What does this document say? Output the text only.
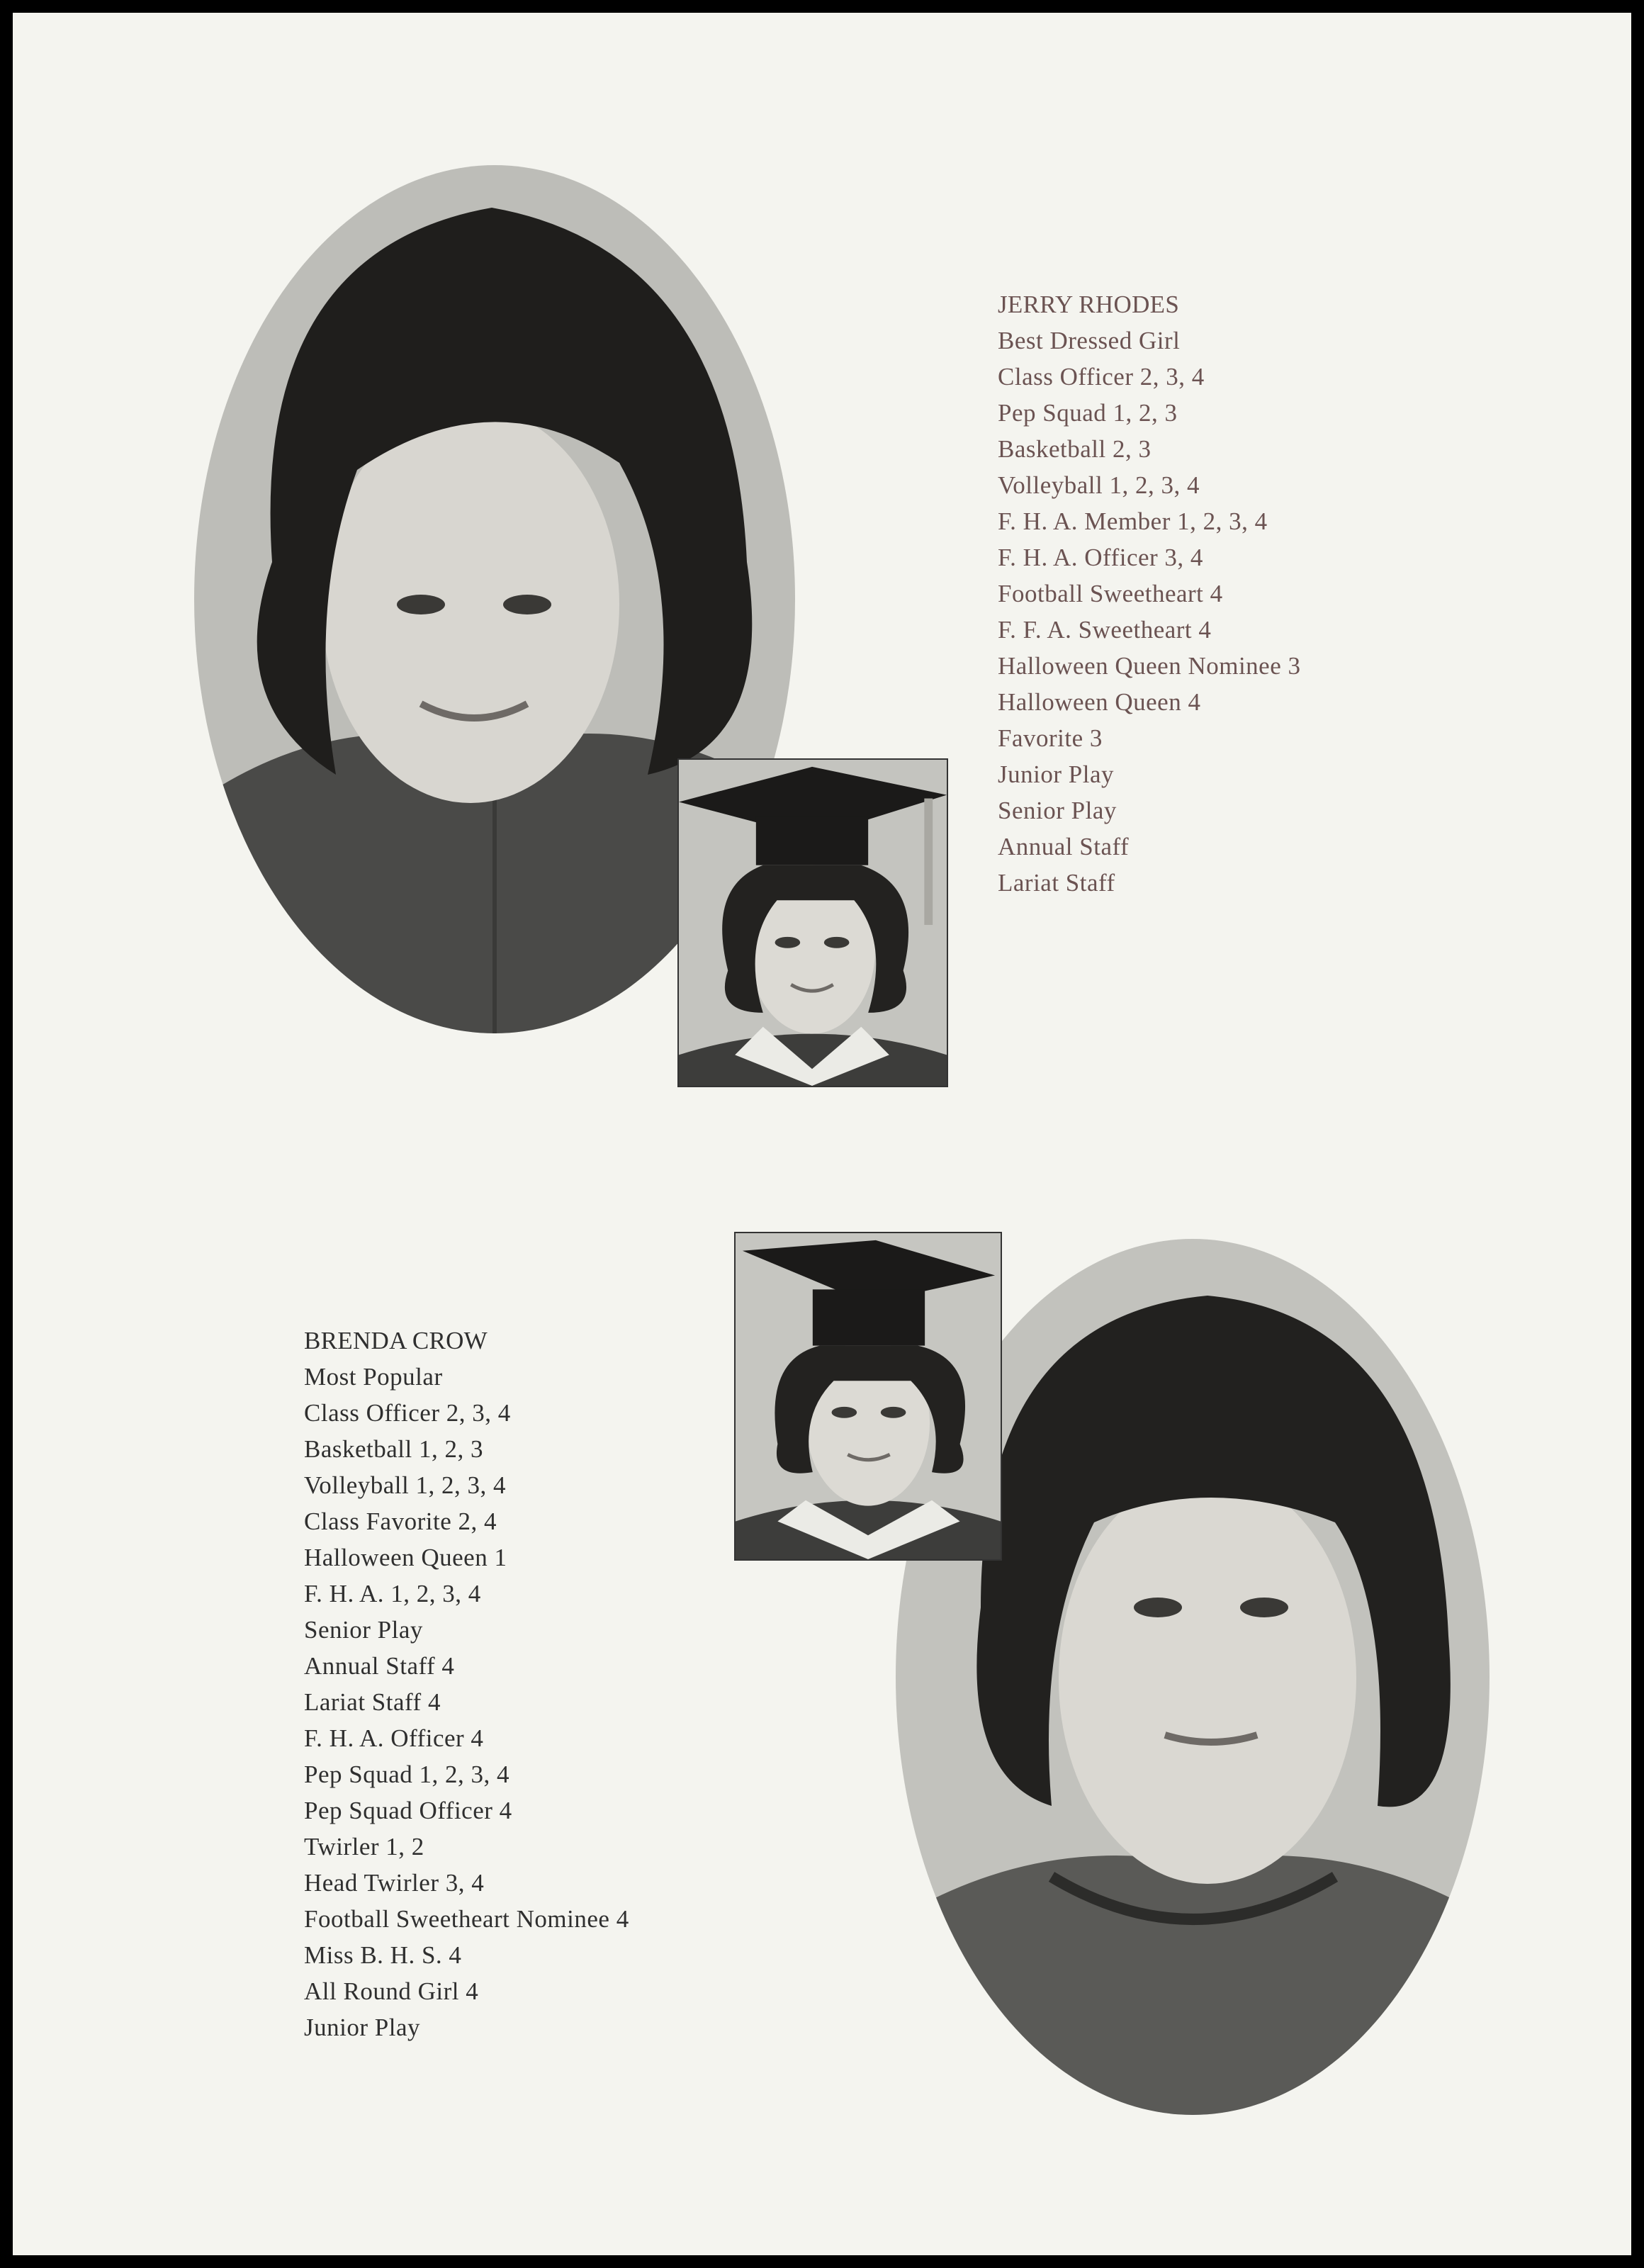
JERRY RHODES
Best Dressed Girl
Class Officer 2, 3, 4
Pep Squad 1, 2, 3
Basketball 2, 3
Volleyball 1, 2, 3, 4
F. H. A. Member 1, 2, 3, 4
F. H. A. Officer 3, 4
Football Sweetheart 4
F. F. A. Sweetheart 4
Halloween Queen Nominee 3
Halloween Queen 4
Favorite 3
Junior Play
Senior Play
Annual Staff
Lariat Staff
BRENDA CROW
Most Popular
Class Officer 2, 3, 4
Basketball 1, 2, 3
Volleyball 1, 2, 3, 4
Class Favorite 2, 4
Halloween Queen 1
F. H. A. 1, 2, 3, 4
Senior Play
Annual Staff 4
Lariat Staff 4
F. H. A. Officer 4
Pep Squad 1, 2, 3, 4
Pep Squad Officer 4
Twirler 1, 2
Head Twirler 3, 4
Football Sweetheart Nominee 4
Miss B. H. S. 4
All Round Girl 4
Junior Play
